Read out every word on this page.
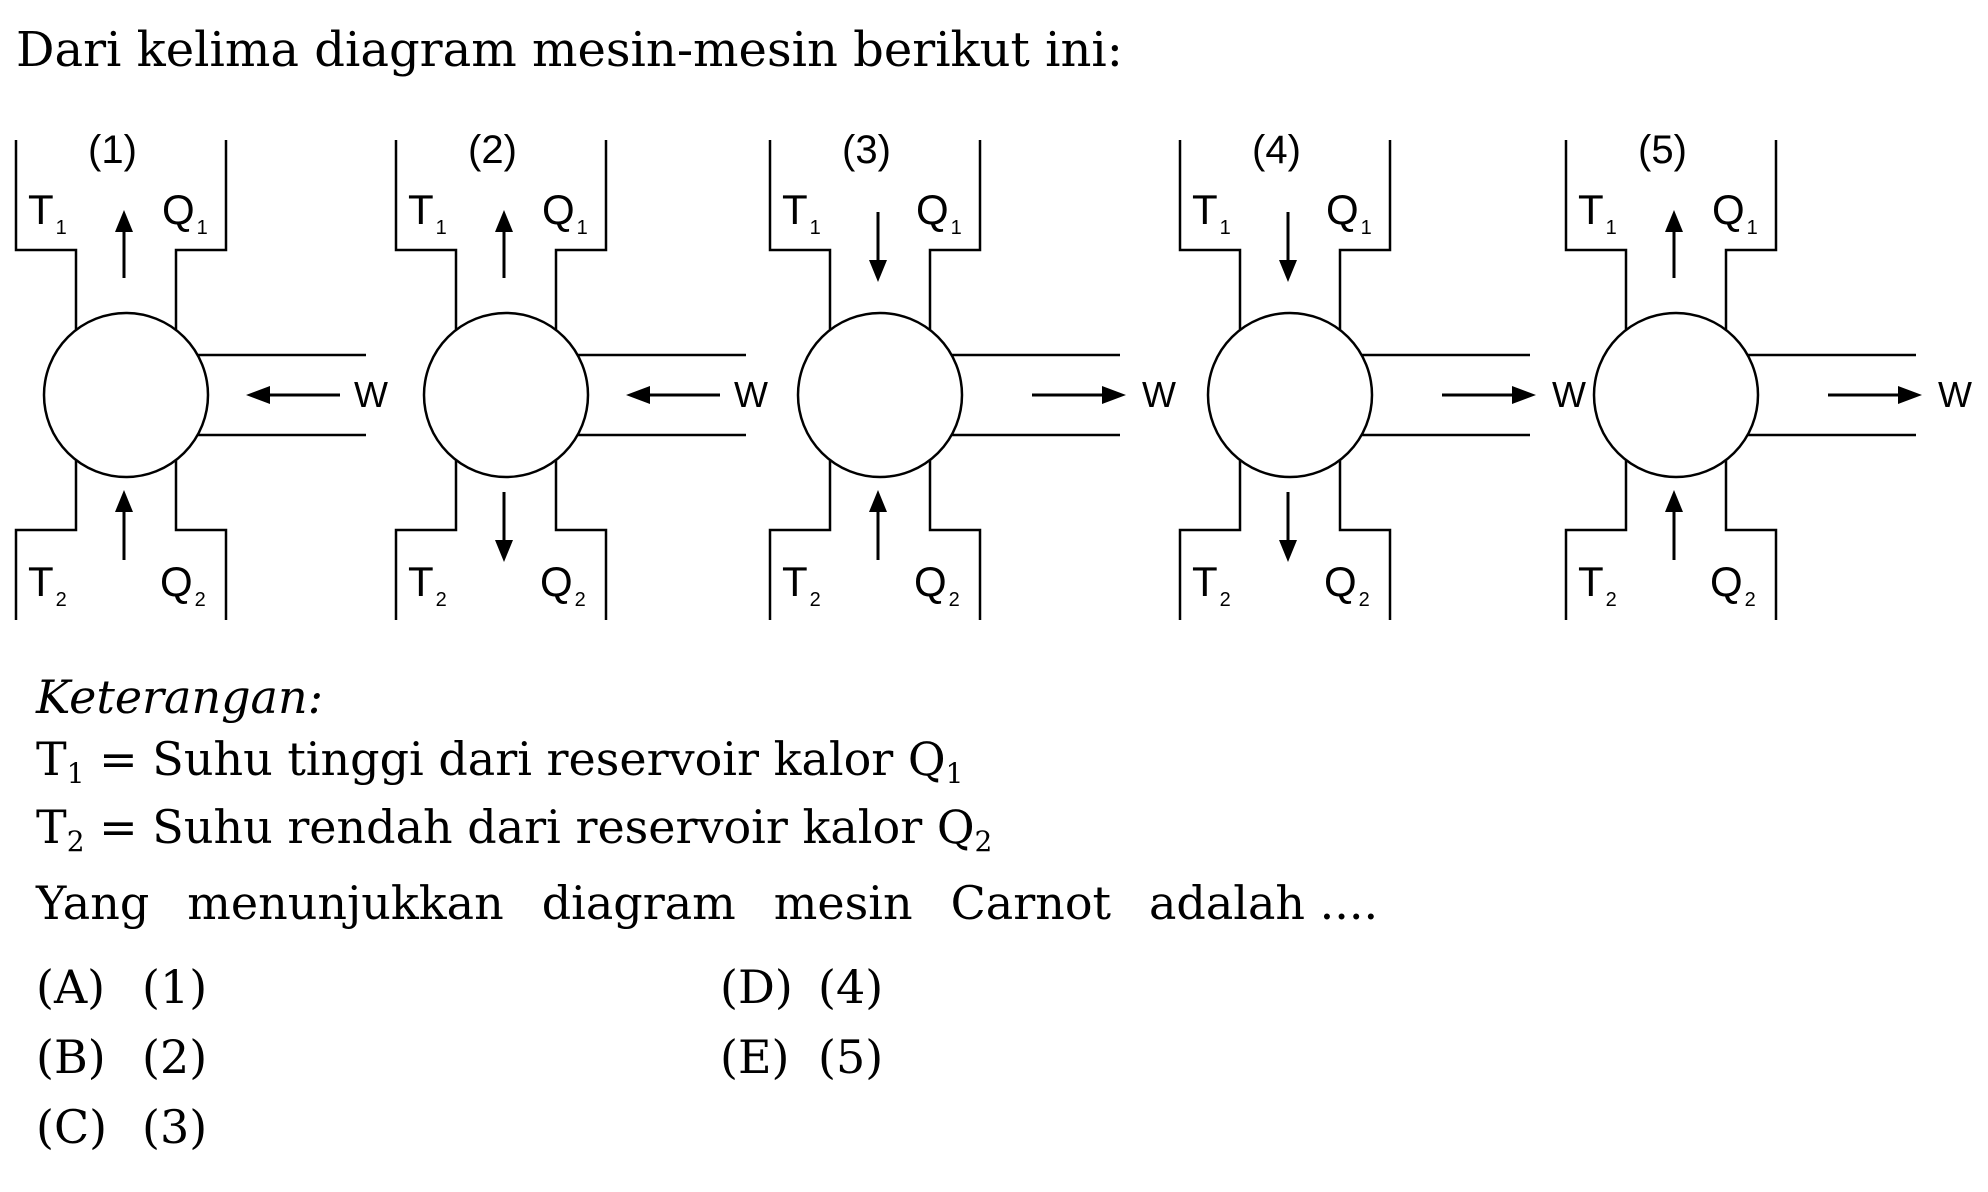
Dari kelima diagram mesin-mesin berikut ini:
(1)
T $_1$ Q $_1$
T $_2$ Q $_2$
W
(2)
T $_1$ Q $_1$
T $_2$ Q $_2$
W
(3)
T $_1$ Q $_1$
T $_2$ Q $_2$
W
(4)
T $_1$ Q $_1$
T $_2$ Q $_2$
W
(5)
T $_1$ Q $_1$
T $_2$ Q $_2$
W
Keterangan:
T1 = Suhu tinggi dari reservoir kalor Q1
T2 = Suhu rendah dari reservoir kalor Q2
Yang menunjukkan diagram mesin Carnot adalah ....
(A) (1)
(B) (2)
(C) (3)
(D) (4)
(E) (5)
